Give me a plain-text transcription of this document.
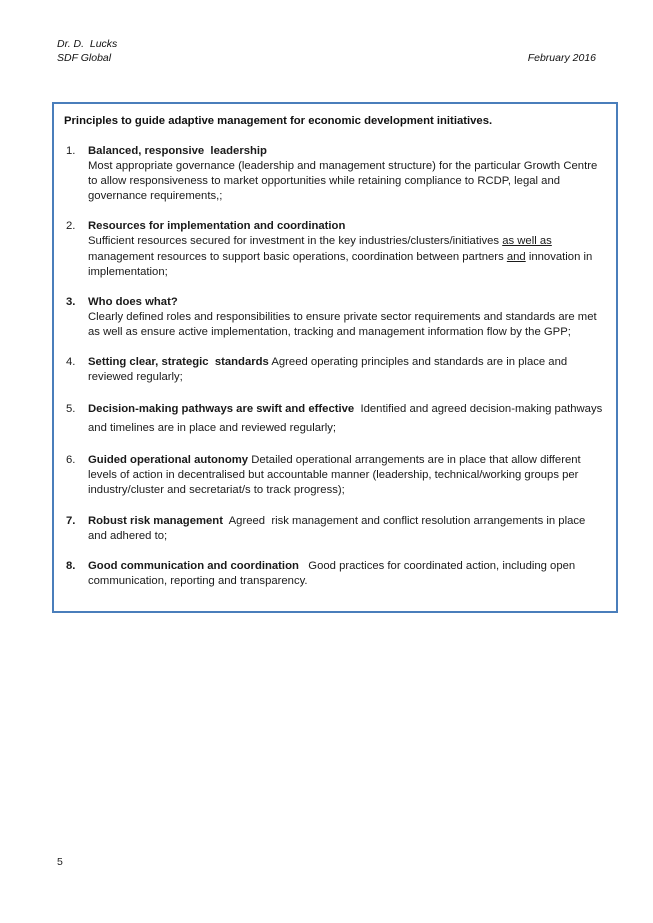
Dr. D.  Lucks
SDF Global	February 2016
Principles to guide adaptive management for economic development initiatives.
1.	Balanced, responsive  leadership
Most appropriate governance (leadership and management structure) for the particular Growth Centre to allow responsiveness to market opportunities while retaining compliance to RCDP, legal and governance requirements,;
2.	Resources for implementation and coordination
Sufficient resources secured for investment in the key industries/clusters/initiatives as well as management resources to support basic operations, coordination between partners and innovation in implementation;
3.	Who does what?
Clearly defined roles and responsibilities to ensure private sector requirements and standards are met as well as ensure active implementation, tracking and management information flow by the GPP;
4.	Setting clear, strategic  standards Agreed operating principles and standards are in place and reviewed regularly;
5.	Decision-making pathways are swift and effective  Identified and agreed decision-making pathways and timelines are in place and reviewed regularly;
6.	Guided operational autonomy Detailed operational arrangements are in place that allow different levels of action in decentralised but accountable manner (leadership, technical/working groups per industry/cluster and secretariat/s to track progress);
7.	Robust risk management  Agreed  risk management and conflict resolution arrangements in place and adhered to;
8.	Good communication and coordination   Good practices for coordinated action, including open communication, reporting and transparency.
5
